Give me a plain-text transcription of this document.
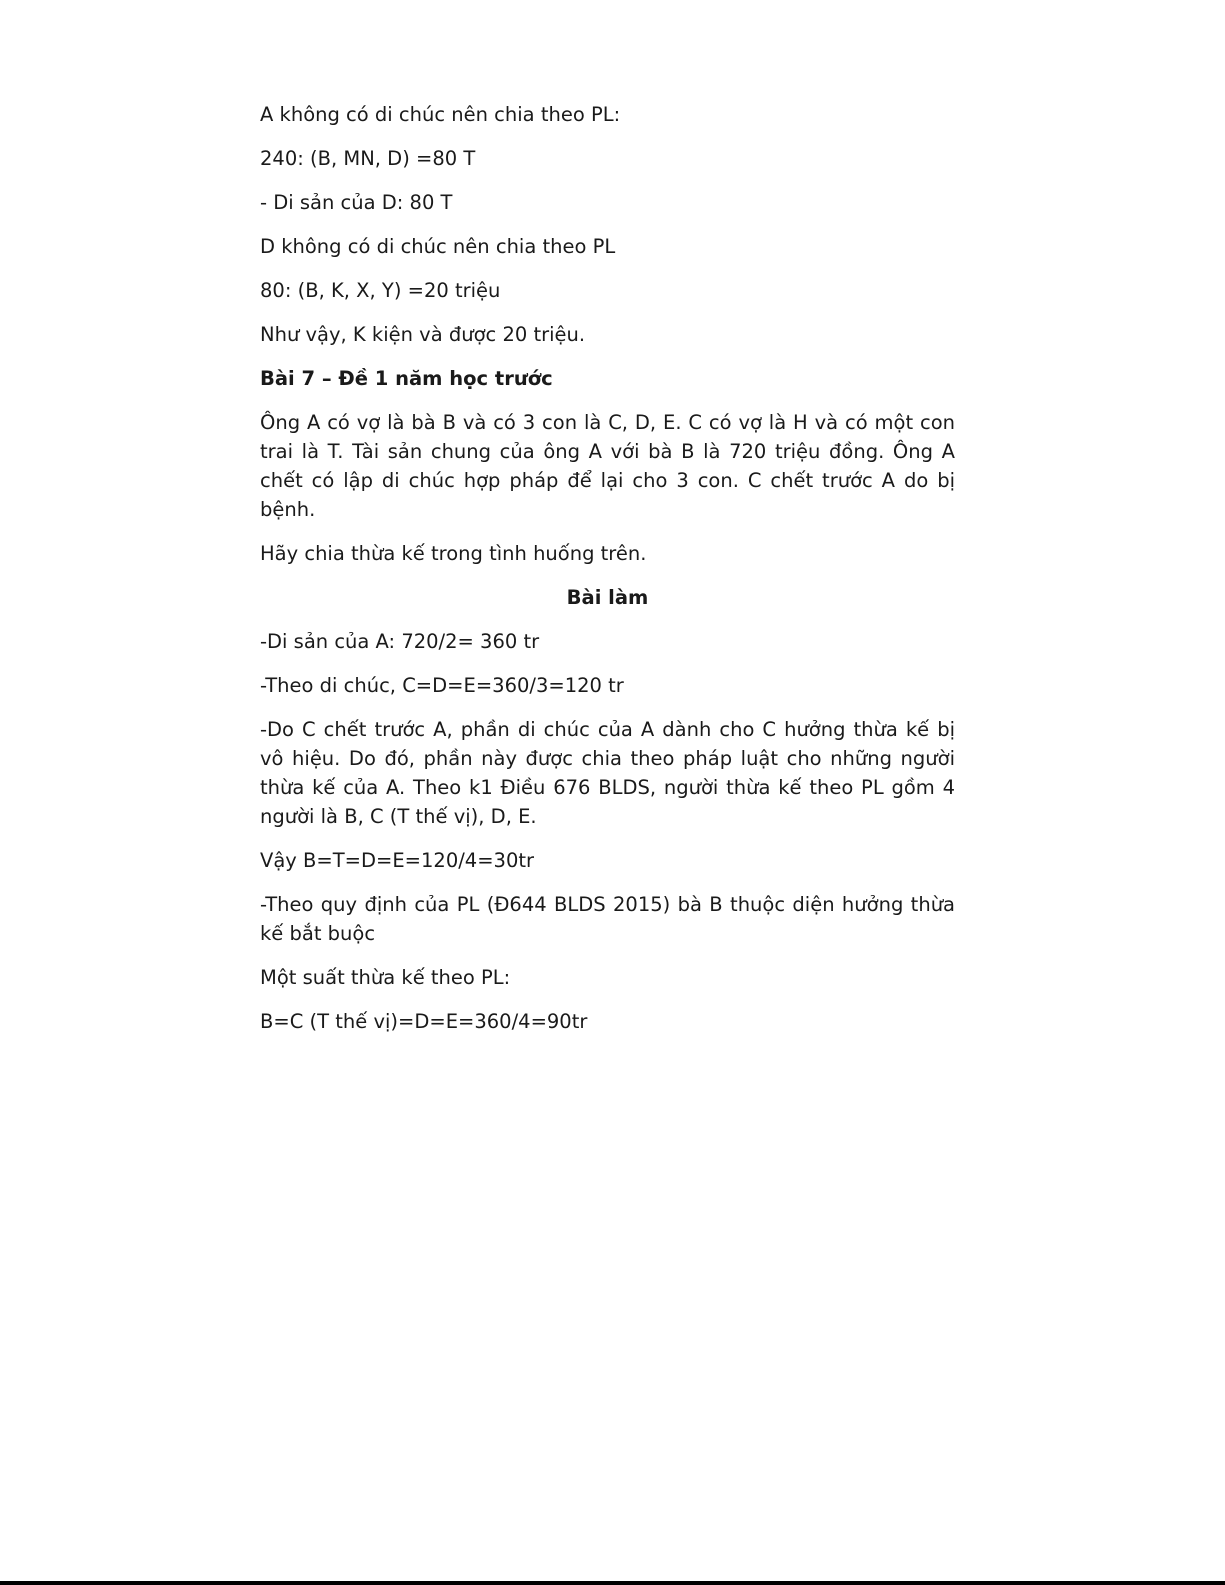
A không có di chúc nên chia theo PL:

240: (B, MN, D) =80 T

- Di sản của D: 80 T

D không có di chúc nên chia theo PL

80: (B, K, X, Y) =20 triệu

Như vậy, K kiện và được 20 triệu.

Bài 7 – Đề 1 năm học trước

Ông A có vợ là bà B và có 3 con là C, D, E. C có vợ là H và có một con trai là T. Tài sản chung của ông A với bà B là 720 triệu đồng. Ông A chết có lập di chúc hợp pháp để lại cho 3 con. C chết trước A do bị bệnh.

Hãy chia thừa kế trong tình huống trên.

Bài làm

-Di sản của A: 720/2= 360 tr

-Theo di chúc, C=D=E=360/3=120 tr

-Do C chết trước A, phần di chúc của A dành cho C hưởng thừa kế bị vô hiệu. Do đó, phần này được chia theo pháp luật cho những người thừa kế của A. Theo k1 Điều 676 BLDS, người thừa kế theo PL gồm 4 người là B, C (T thế vị), D, E.

Vậy B=T=D=E=120/4=30tr

-Theo quy định của PL (Đ644 BLDS 2015) bà B thuộc diện hưởng thừa kế bắt buộc

Một suất thừa kế theo PL:

B=C (T thế vị)=D=E=360/4=90tr
